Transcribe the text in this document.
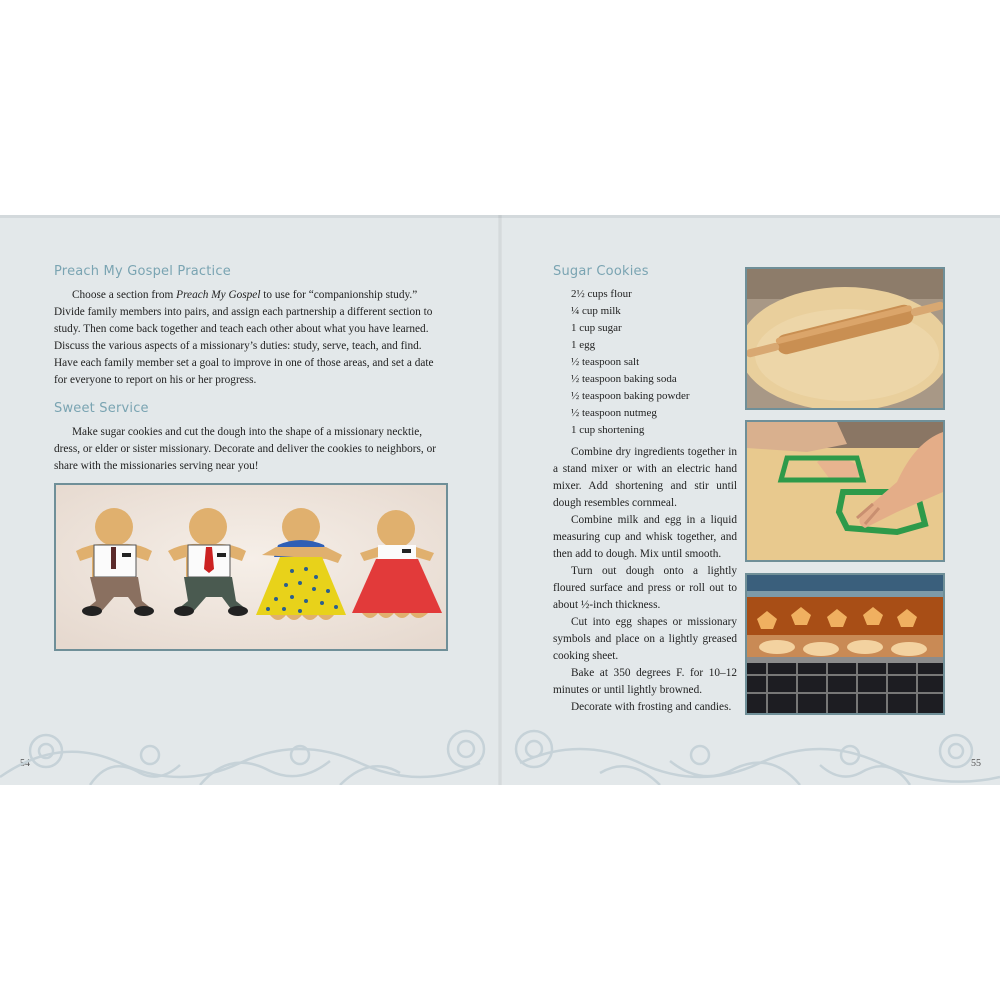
Preach My Gospel Practice

Choose a section from Preach My Gospel to use for “companionship study.” Divide family members into pairs, and assign each partnership a different section to study. Then come back together and teach each other about what you have learned. Discuss the various aspects of a missionary’s duties: study, serve, teach, and find. Have each family member set a goal to improve in one of those areas, and set a date for everyone to report on his or her progress.

Sweet Service

Make sugar cookies and cut the dough into the shape of a missionary necktie, dress, or elder or sister missionary. Decorate and deliver the cookies to neighbors, or share with the missionaries serving near you!

54
Sugar Cookies
2½ cups flour
¼ cup milk
1 cup sugar
1 egg
½ teaspoon salt
½ teaspoon baking soda
½ teaspoon baking powder
½ teaspoon nutmeg
1 cup shortening

Combine dry ingredients together in a stand mixer or with an electric hand mixer. Add shortening and stir until dough resembles cornmeal.

Combine milk and egg in a liquid measuring cup and whisk together, and then add to dough. Mix until smooth.

Turn out dough onto a lightly floured surface and press or roll out to about ½-inch thickness.

Cut into egg shapes or missionary symbols and place on a lightly greased cooking sheet.

Bake at 350 degrees F. for 10–12 minutes or until lightly browned.

Decorate with frosting and candies.

55
